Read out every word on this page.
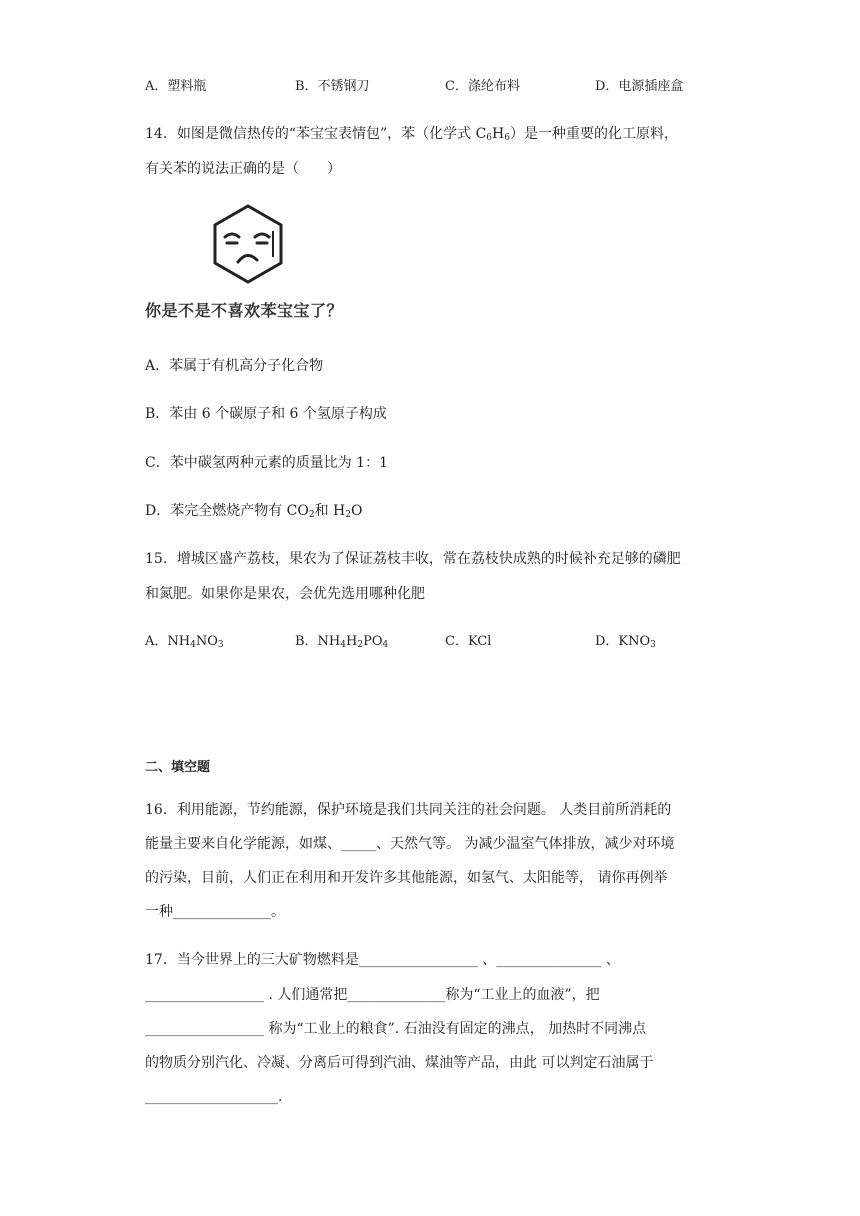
A．塑料瓶	B．不锈钢刀	C．涤纶布料	D．电源插座盒
14．如图是微信热传的“苯宝宝表情包”，苯（化学式 $C_6H_6$）是一种重要的化工原料，
有关苯的说法正确的是（　　）
你是不是不喜欢苯宝宝了？
A．苯属于有机高分子化合物
B．苯由 6 个碳原子和 6 个氢原子构成
C．苯中碳氢两种元素的质量比为 1：1
D．苯完全燃烧产物有 $CO_2$和 $H_2O$
15．增城区盛产荔枝，果农为了保证荔枝丰收，常在荔枝快成熟的时候补充足够的磷肥
和氮肥。如果你是果农，会优先选用哪种化肥
A．$NH_4NO_3$	B．$NH_4H_2PO_4$	C．KCl	D．$KNO_3$
二、填空题
16．利用能源，节约能源，保护环境是我们共同关注的社会问题。 人类目前所消耗的
能量主要来自化学能源，如煤、_____、天然气等。 为减少温室气体排放，减少对环境
的污染，目前，人们正在利用和开发许多其他能源，如氢气、太阳能等， 请你再例举
一种______________。
17．当今世界上的三大矿物燃料是_________________ 、_______________ 、
_________________ . 人们通常把______________称为“工业上的血液”，把
_________________ 称为“工业上的粮食”. 石油没有固定的沸点， 加热时不同沸点
的物质分别汽化、冷凝、分离后可得到汽油、煤油等产品，由此 可以判定石油属于
___________________.
